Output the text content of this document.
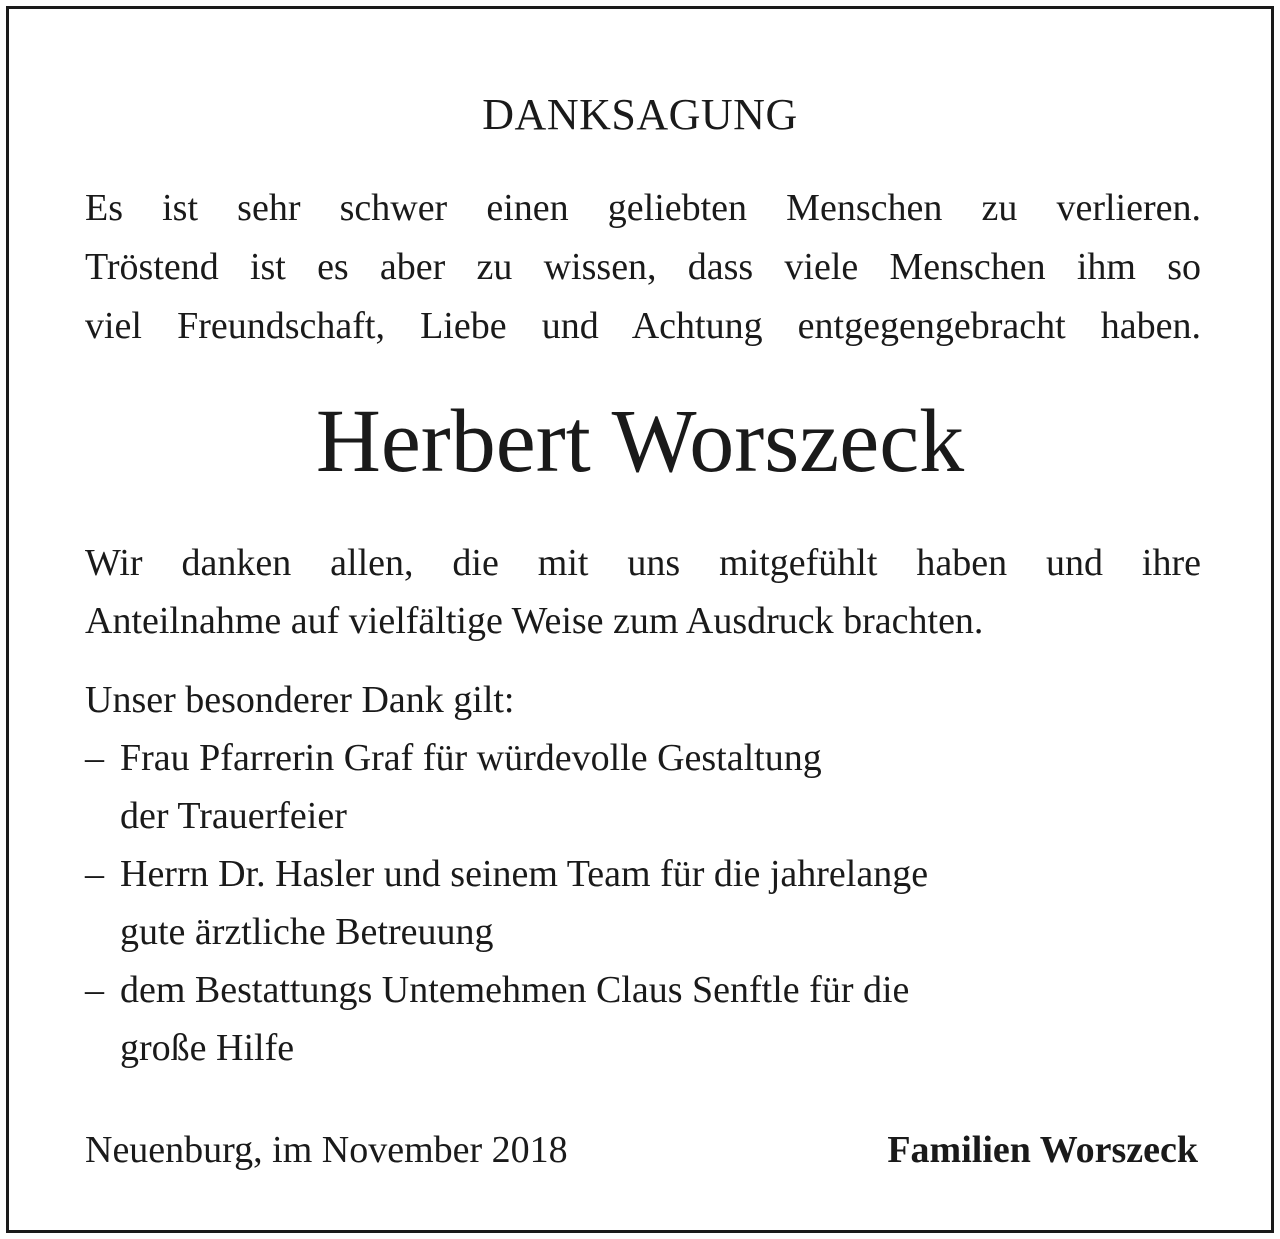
DANKSAGUNG
Es ist sehr schwer einen geliebten Menschen zu verlieren.
Tröstend ist es aber zu wissen, dass viele Menschen ihm so
viel Freundschaft, Liebe und Achtung entgegengebracht haben.
Herbert Worszeck
Wir danken allen, die mit uns mitgefühlt haben und ihre
Anteilnahme auf vielfältige Weise zum Ausdruck brachten.
Unser besonderer Dank gilt:
– Frau Pfarrerin Graf für würdevolle Gestaltung
der Trauerfeier
– Herrn Dr. Hasler und seinem Team für die jahrelange
gute ärztliche Betreuung
– dem Bestattungs Untemehmen Claus Senftle für die
große Hilfe
Neuenburg, im November 2018	Familien Worszeck
